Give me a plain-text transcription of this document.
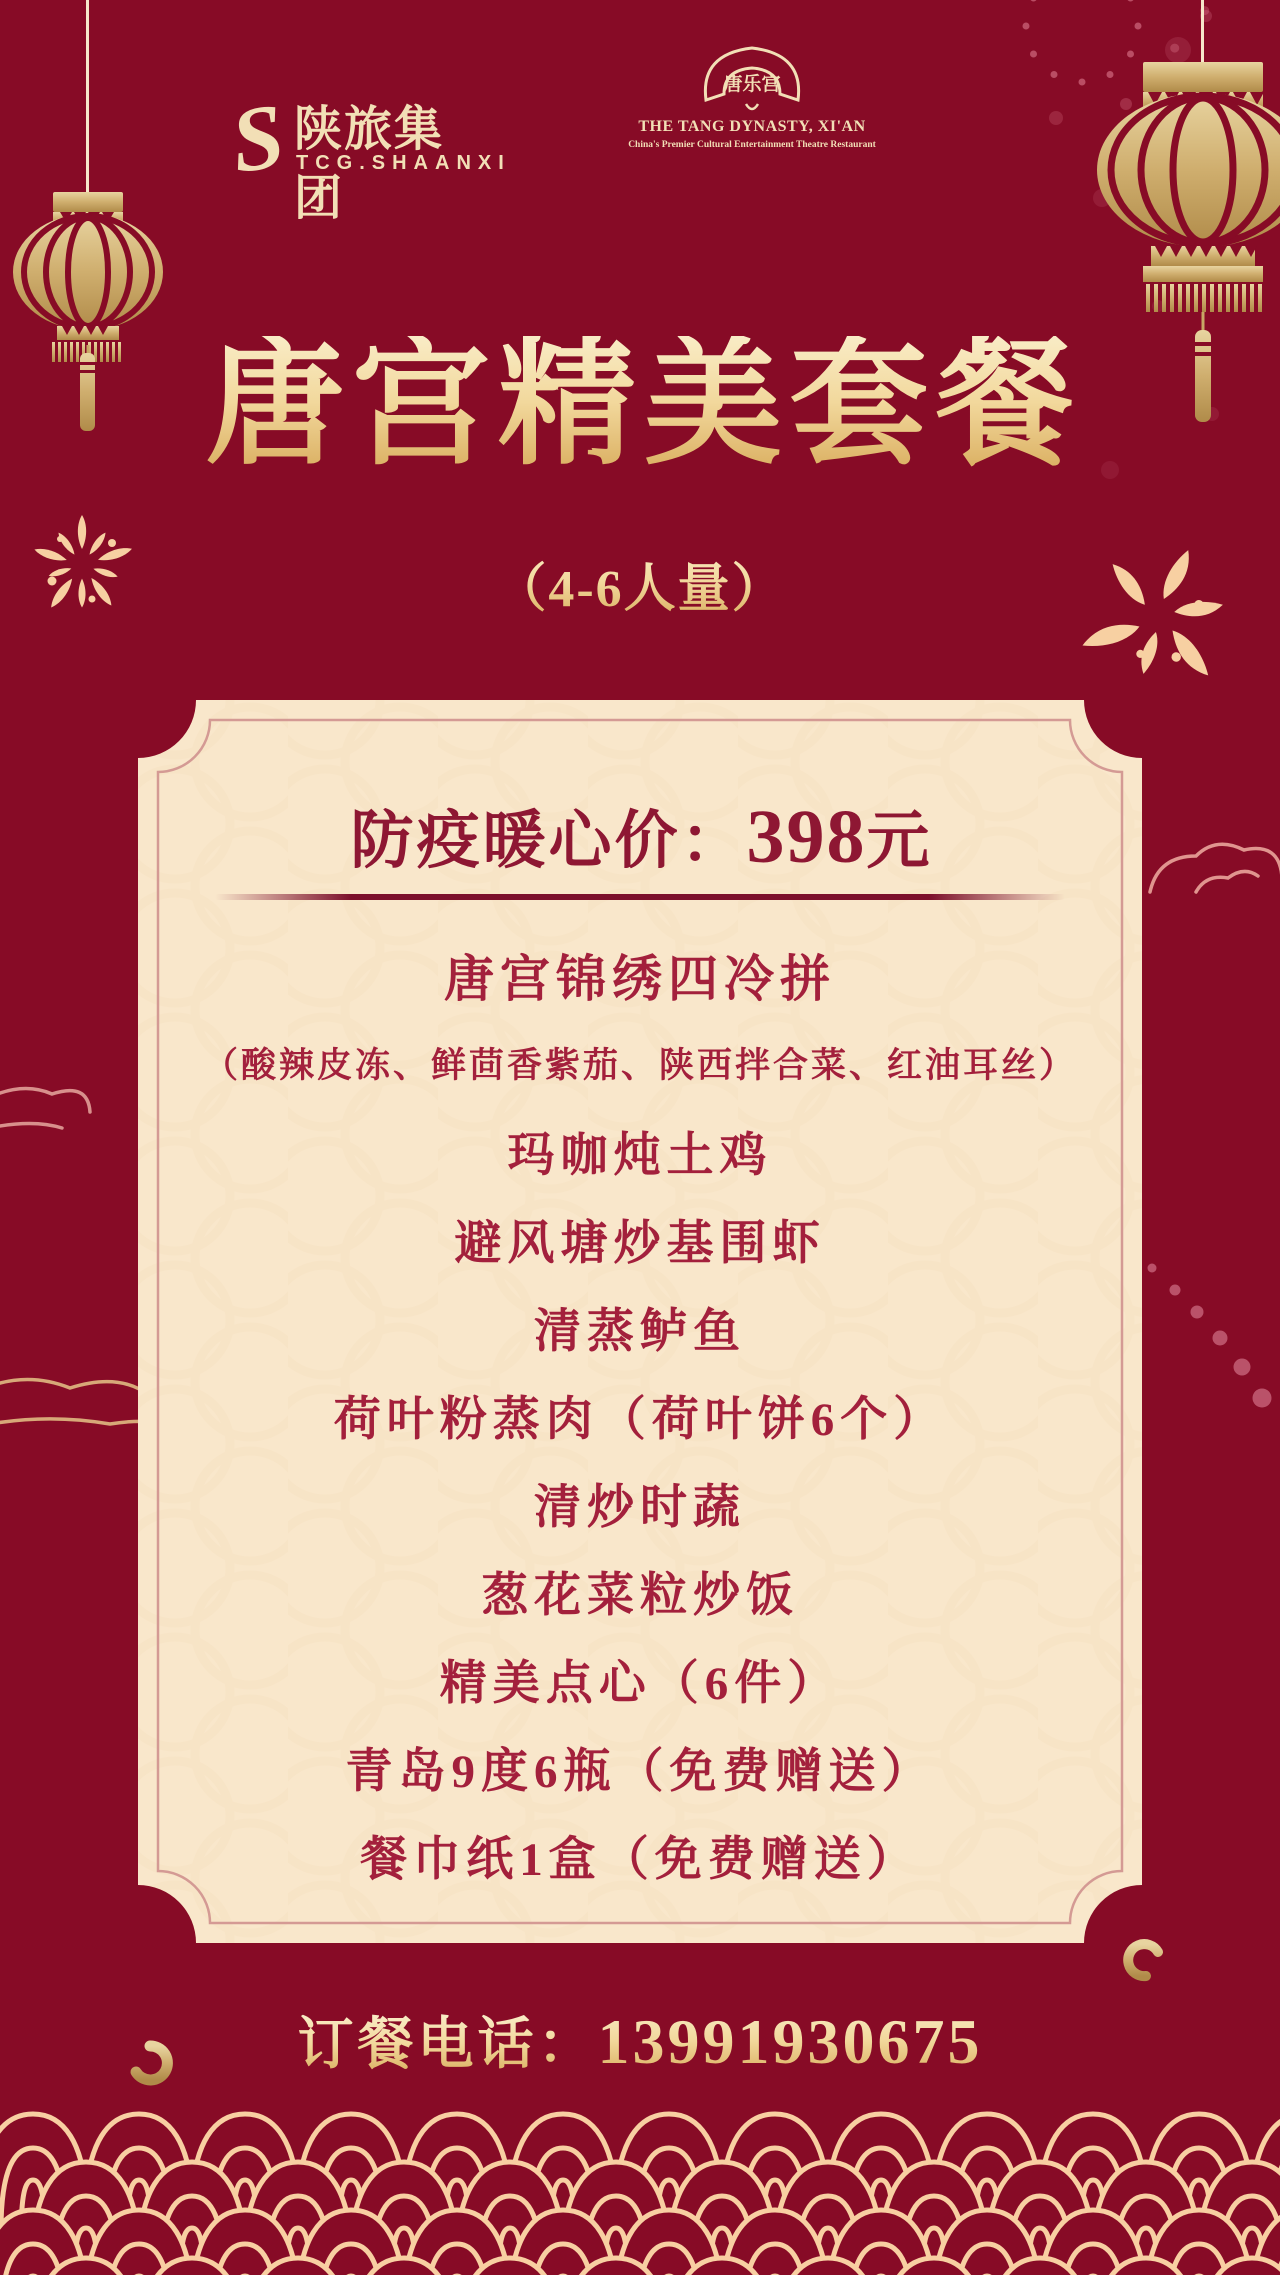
S 陕旅集团
TCG.SHAANXI
唐乐宫
THE TANG DYNASTY, XI'AN
China's Premier Cultural Entertainment Theatre Restaurant
唐宫精美套餐
（4-6人量）
防疫暖心价：398元
唐宫锦绣四冷拼
（酸辣皮冻、鲜茴香紫茄、陕西拌合菜、红油耳丝）
玛咖炖土鸡
避风塘炒基围虾
清蒸鲈鱼
荷叶粉蒸肉（荷叶饼6个）
清炒时蔬
葱花菜粒炒饭
精美点心（6件）
青岛9度6瓶（免费赠送）
餐巾纸1盒（免费赠送）
订餐电话：13991930675
